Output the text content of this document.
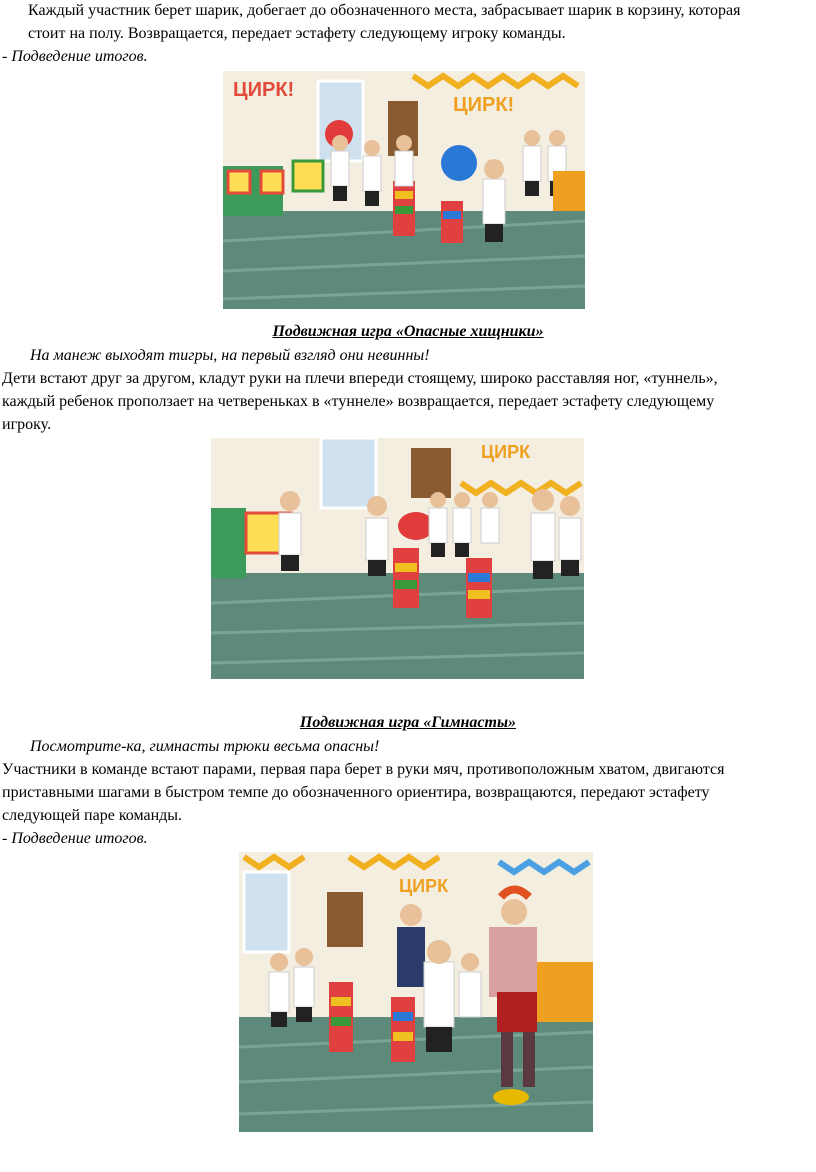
Каждый участник берет шарик, добегает до обозначенного места, забрасывает шарик в корзину, которая
стоит на полу. Возвращается, передает эстафету следующему игроку команды.
- Подведение итогов.
ЦИРК!
ЦИРК!
Подвижная игра «Опасные хищники»
На манеж выходят тигры, на первый взгляд они невинны!
Дети встают друг за другом, кладут руки на плечи впереди стоящему, широко расставляя ног, «туннель»,
каждый ребенок проползает на четвереньках в «туннеле» возвращается, передает эстафету следующему
игроку.
ЦИРК
Подвижная игра «Гимнасты»
Посмотрите-ка, гимнасты трюки весьма опасны!
Участники в команде встают парами, первая пара берет в руки мяч, противоположным хватом, двигаются
приставными шагами в быстром темпе до обозначенного ориентира, возвращаются, передают эстафету
следующей паре команды.
- Подведение итогов.
ЦИРК
